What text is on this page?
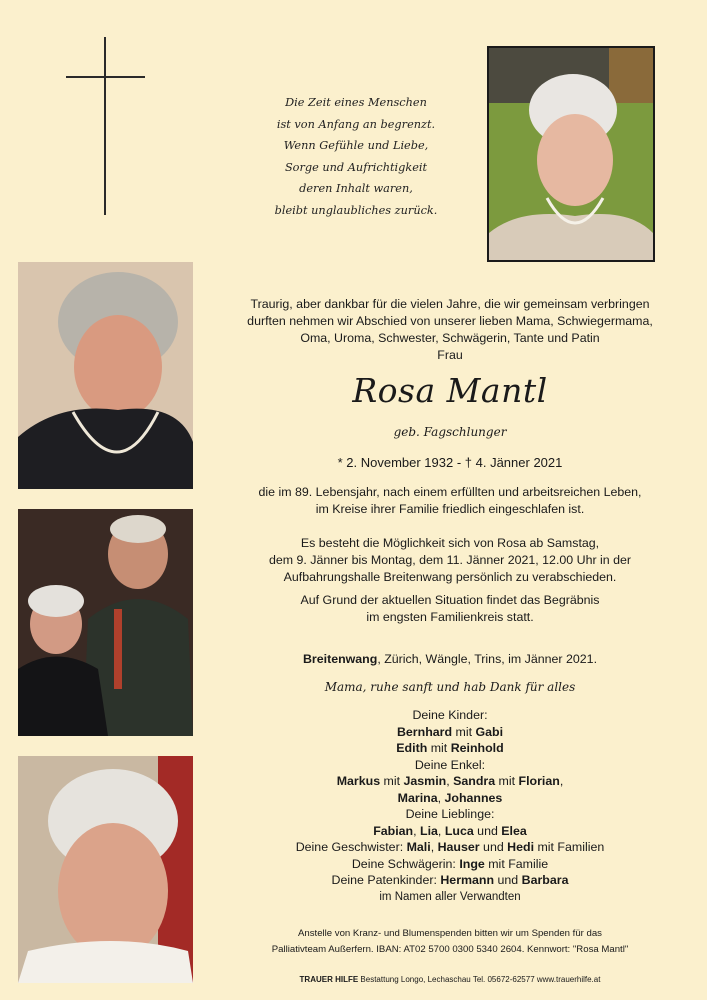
Die Zeit eines Menschen
ist von Anfang an begrenzt.
Wenn Gefühle und Liebe,
Sorge und Aufrichtigkeit
deren Inhalt waren,
bleibt unglaubliches zurück.
Traurig, aber dankbar für die vielen Jahre, die wir gemeinsam verbringen
durften nehmen wir Abschied von unserer lieben Mama, Schwiegermama,
Oma, Uroma, Schwester, Schwägerin, Tante und Patin
Frau
Rosa Mantl
geb. Fagschlunger
* 2. November 1932 - † 4. Jänner 2021
die im 89. Lebensjahr, nach einem erfüllten und arbeitsreichen Leben,
im Kreise ihrer Familie friedlich eingeschlafen ist.
Es besteht die Möglichkeit sich von Rosa ab Samstag,
dem 9. Jänner bis Montag, dem 11. Jänner 2021, 12.00 Uhr in der
Aufbahrungshalle Breitenwang persönlich zu verabschieden.
Auf Grund der aktuellen Situation findet das Begräbnis
im engsten Familienkreis statt.
Breitenwang, Zürich, Wängle, Trins, im Jänner 2021.
Mama, ruhe sanft und hab Dank für alles
Deine Kinder:
Bernhard mit Gabi
Edith mit Reinhold
Deine Enkel:
Markus mit Jasmin, Sandra mit Florian,
Marina, Johannes
Deine Lieblinge:
Fabian, Lia, Luca und Elea
Deine Geschwister: Mali, Hauser und Hedi mit Familien
Deine Schwägerin: Inge mit Familie
Deine Patenkinder: Hermann und Barbara
im Namen aller Verwandten
Anstelle von Kranz- und Blumenspenden bitten wir um Spenden für das
Palliativteam Außerfern. IBAN: AT02 5700 0300 5340 2604. Kennwort: "Rosa Mantl"
TRAUER HILFE Bestattung Longo, Lechaschau Tel. 05672-62577 www.trauerhilfe.at
